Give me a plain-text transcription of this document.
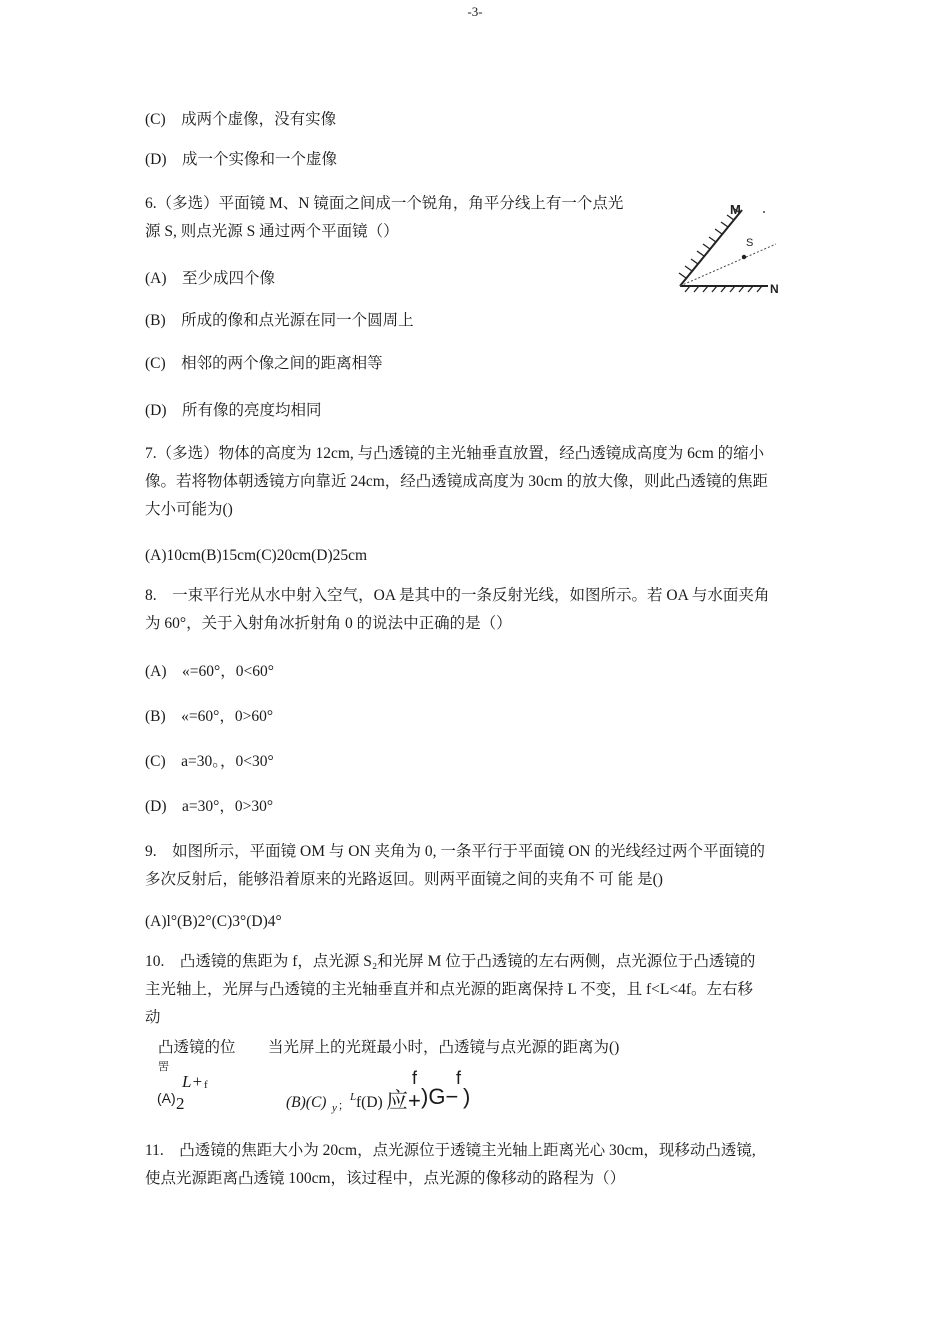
-3-
(C)　成两个虚像，没有实像
(D)　成一个实像和一个虚像
6.（多选）平面镜 M、N 镜面之间成一个锐角，角平分线上有一个点光
源 S, 则点光源 S 通过两个平面镜（）
(A)　至少成四个像
(B)　所成的像和点光源在同一个圆周上
(C)　相邻的两个像之间的距离相等
(D)　所有像的亮度均相同
M
S
N
7.（多选）物体的高度为 12cm, 与凸透镜的主光轴垂直放置，经凸透镜成高度为 6cm 的缩小
像。若将物体朝透镜方向靠近 24cm，经凸透镜成高度为 30cm 的放大像，则此凸透镜的焦距
大小可能为()
(A)10cm(B)15cm(C)20cm(D)25cm
8.　一束平行光从水中射入空气，OA 是其中的一条反射光线，如图所示。若 OA 与水面夹角
为 60°，关于入射角冰折射角 0 的说法中正确的是（）
(A)　«=60°，0<60°
(B)　«=60°，0>60°
(C)　a=30。，0<30°
(D)　a=30°，0>30°
9.　如图所示，平面镜 OM 与 ON 夹角为 0, 一条平行于平面镜 ON 的光线经过两个平面镜的
多次反射后，能够沿着原来的光路返回。则两平面镜之间的夹角不 可 能 是()
(A)l°(B)2°(C)3°(D)4°
10.　凸透镜的焦距为 f，点光源 S₂和光屏 M 位于凸透镜的左右两侧，点光源位于凸透镜的
主光轴上，光屏与凸透镜的主光轴垂直并和点光源的距离保持 L 不变，且 f<L<4f。左右移
动
凸透镜的位
罟
当光屏上的光斑最小时，凸透镜与点光源的距离为()
(A)
L+ f
2	(B)(C) y ；
L f(D) 应+
f
)G−
f
)
11.　凸透镜的焦距大小为 20cm，点光源位于透镜主光轴上距离光心 30cm，现移动凸透镜,
使点光源距离凸透镜 100cm，该过程中，点光源的像移动的路程为（）
